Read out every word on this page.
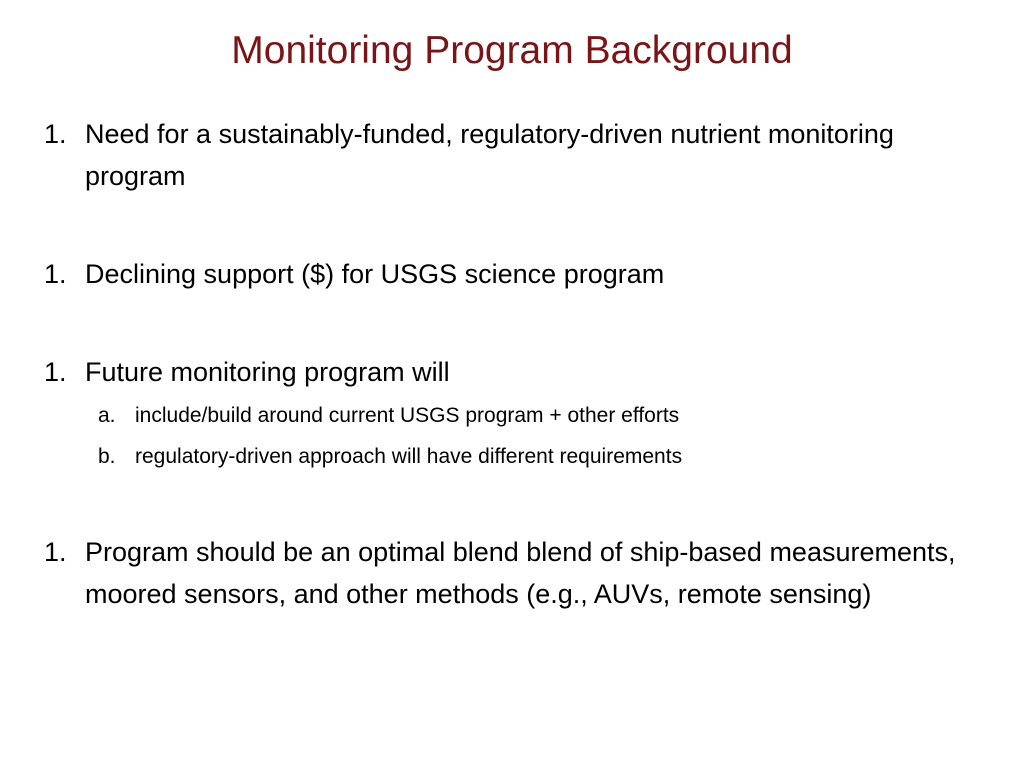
Monitoring Program Background
1. Need for a sustainably-funded, regulatory-driven nutrient monitoring program
1. Declining support ($) for USGS science program
1. Future monitoring program will
a. include/build around current USGS program + other efforts
b. regulatory-driven approach will have different requirements
1. Program should be an optimal blend blend of ship-based measurements, moored sensors, and other methods (e.g., AUVs, remote sensing)
